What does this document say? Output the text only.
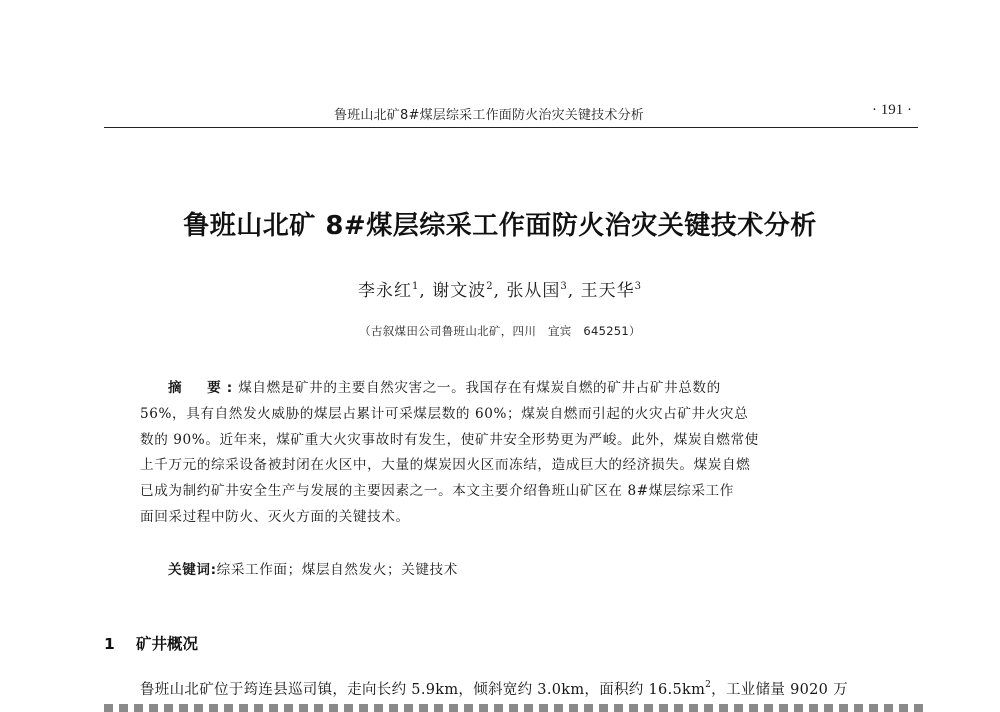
鲁班山北矿8#煤层综采工作面防火治灾关键技术分析	· 191 ·
鲁班山北矿 8#煤层综采工作面防火治灾关键技术分析
李永红$^1$, 谢文波$^2$, 张从国$^3$, 王天华$^3$
（古叙煤田公司鲁班山北矿，四川　宜宾　645251）
摘　要:煤自燃是矿井的主要自然灾害之一。我国存在有煤炭自燃的矿井占矿井总数的
56%，具有自然发火威胁的煤层占累计可采煤层数的 60%；煤炭自燃而引起的火灾占矿井火灾总
数的 90%。近年来，煤矿重大火灾事故时有发生，使矿井安全形势更为严峻。此外，煤炭自燃常使
上千万元的综采设备被封闭在火区中，大量的煤炭因火区而冻结，造成巨大的经济损失。煤炭自燃
已成为制约矿井安全生产与发展的主要因素之一。本文主要介绍鲁班山矿区在 8#煤层综采工作
面回采过程中防火、灭火方面的关键技术。
关键词:综采工作面；煤层自然发火；关键技术
1 矿井概况
鲁班山北矿位于筠连县巡司镇，走向长约 5.9km，倾斜宽约 3.0km，面积约 $16.5km^2$，工业储量 9020 万
